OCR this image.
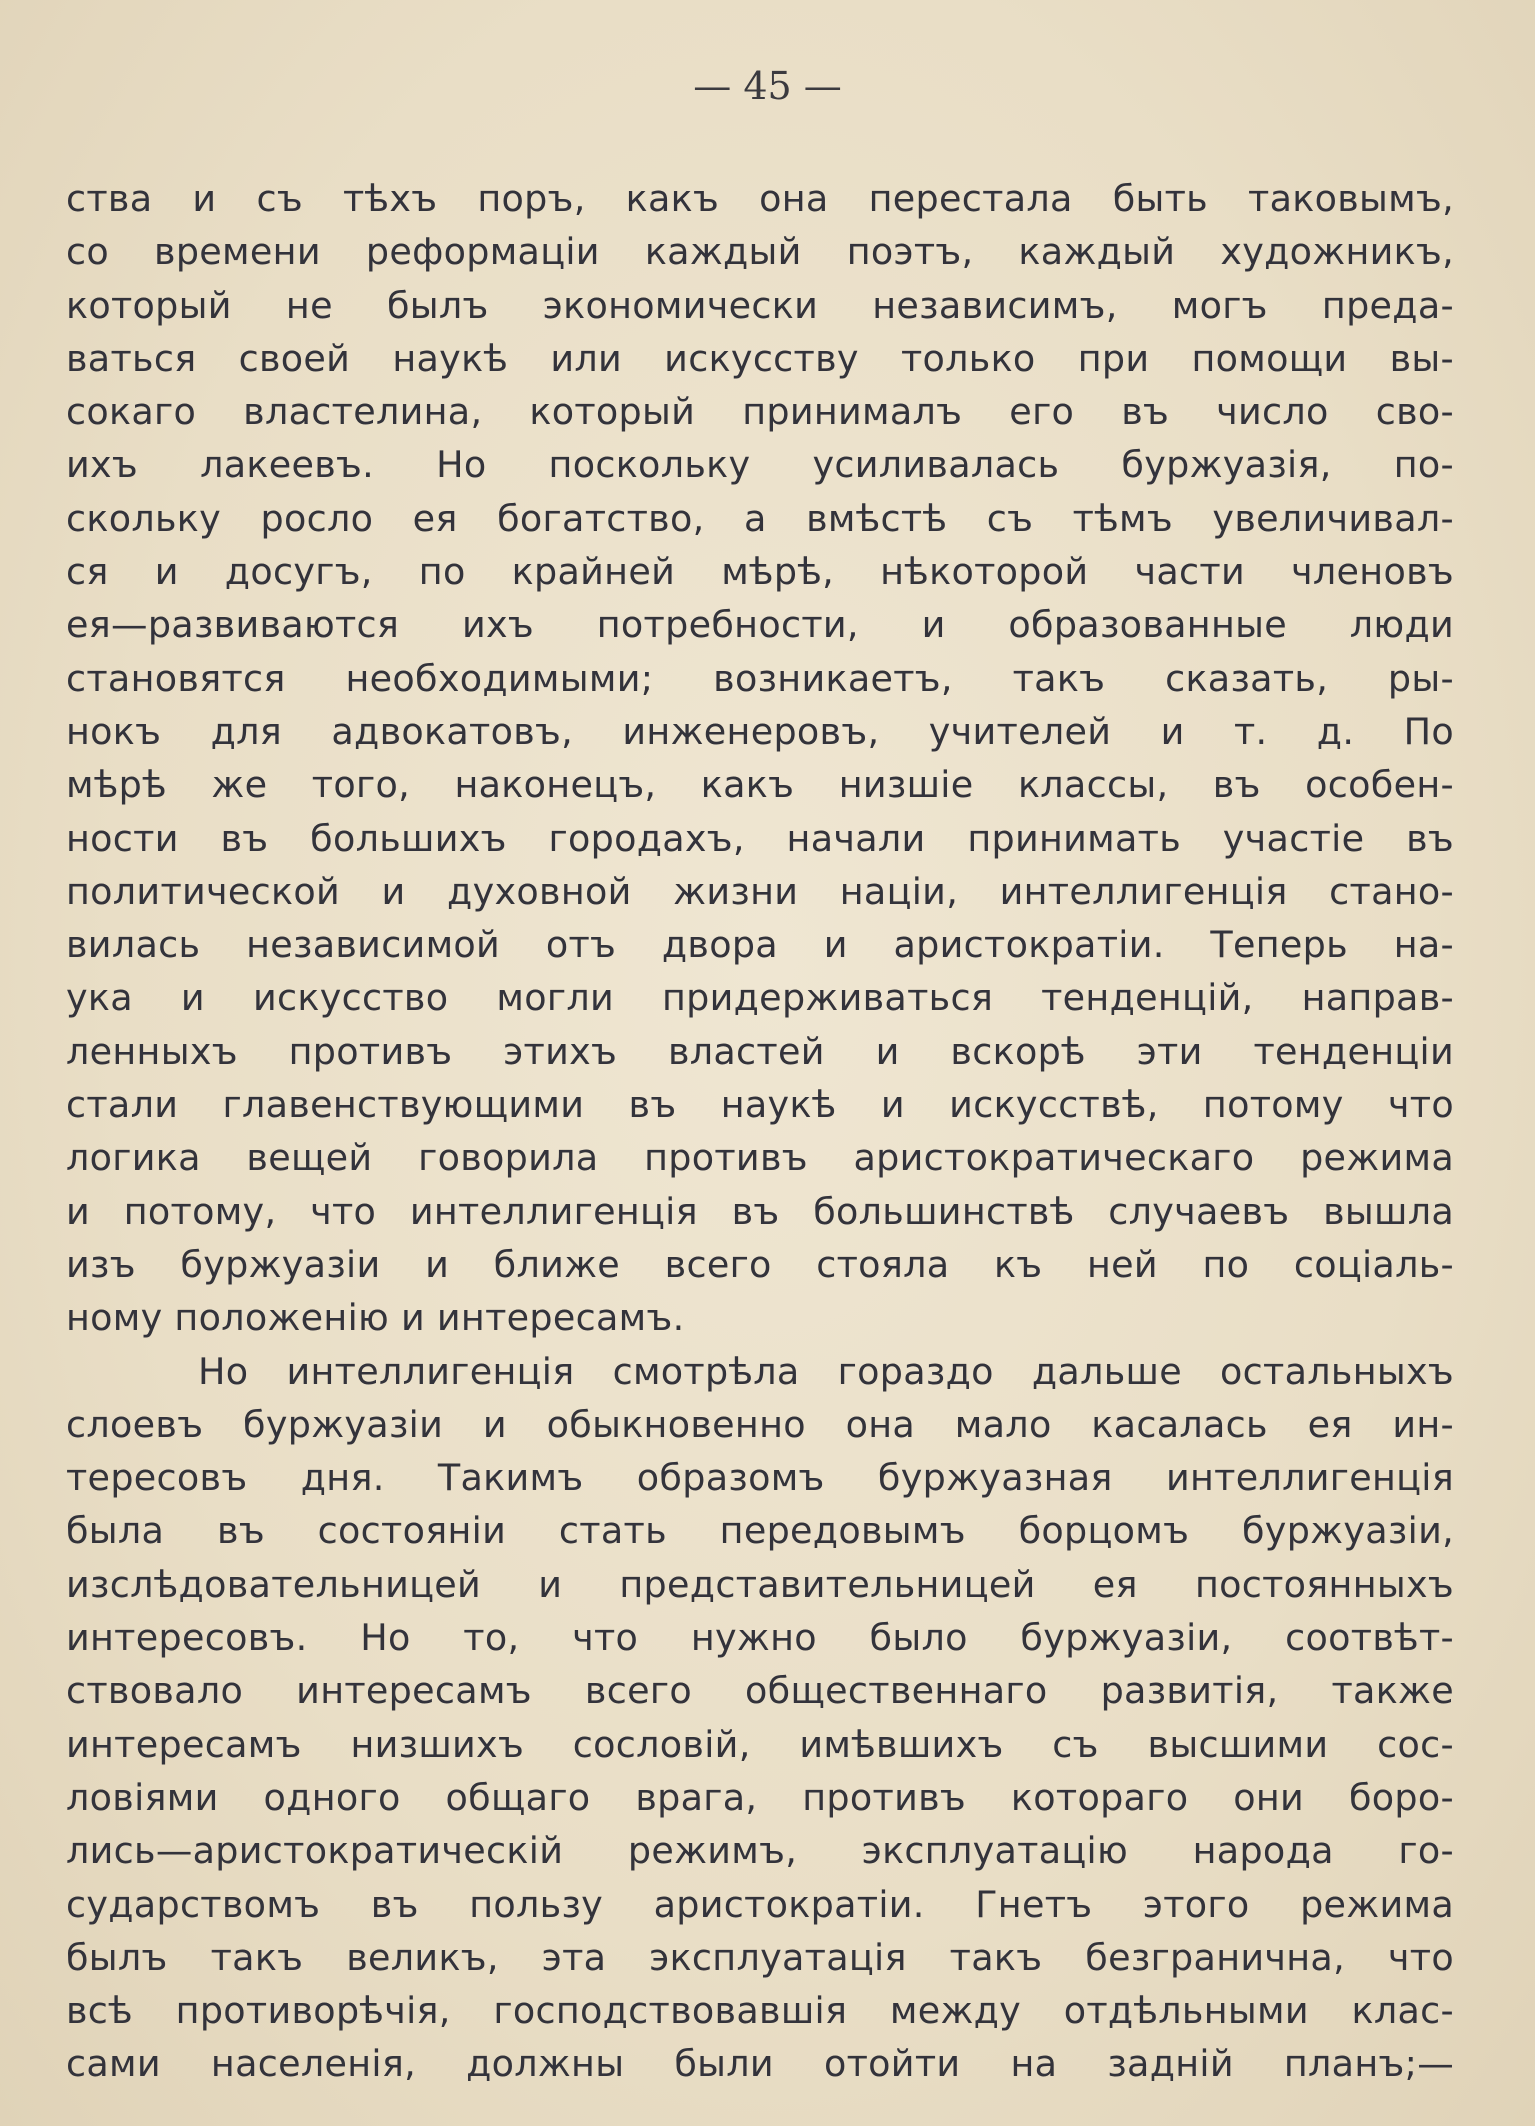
— 45 —

ства и съ тѣхъ поръ, какъ она перестала быть таковымъ,
со времени реформаціи каждый поэтъ, каждый художникъ,
который не былъ экономически независимъ, могъ преда-
ваться своей наукѣ или искусству только при помощи вы-
сокаго властелина, который принималъ его въ число сво-
ихъ лакеевъ. Но поскольку усиливалась буржуазія, по-
скольку росло ея богатство, а вмѣстѣ съ тѣмъ увеличивал-
ся и досугъ, по крайней мѣрѣ, нѣкоторой части членовъ
ея—развиваются ихъ потребности, и образованные люди
становятся необходимыми; возникаетъ, такъ сказать, ры-
нокъ для адвокатовъ, инженеровъ, учителей и т. д. По
мѣрѣ же того, наконецъ, какъ низшіе классы, въ особен-
ности въ большихъ городахъ, начали принимать участіе въ
политической и духовной жизни націи, интеллигенція стано-
вилась независимой отъ двора и аристократіи. Теперь на-
ука и искусство могли придерживаться тенденцій, направ-
ленныхъ противъ этихъ властей и вскорѣ эти тенденціи
стали главенствующими въ наукѣ и искусствѣ, потому что
логика вещей говорила противъ аристократическаго режима
и потому, что интеллигенція въ большинствѣ случаевъ вышла
изъ буржуазіи и ближе всего стояла къ ней по соціаль-
ному положенію и интересамъ.
Но интеллигенція смотрѣла гораздо дальше остальныхъ
слоевъ буржуазіи и обыкновенно она мало касалась ея ин-
тересовъ дня. Такимъ образомъ буржуазная интеллигенція
была въ состояніи стать передовымъ борцомъ буржуазіи,
изслѣдовательницей и представительницей ея постоянныхъ
интересовъ. Но то, что нужно было буржуазіи, соотвѣт-
ствовало интересамъ всего общественнаго развитія, также
интересамъ низшихъ сословій, имѣвшихъ съ высшими сос-
ловіями одного общаго врага, противъ котораго они боро-
лись—аристократическій режимъ, эксплуатацію народа го-
сударствомъ въ пользу аристократіи. Гнетъ этого режима
былъ такъ великъ, эта эксплуатація такъ безгранична, что
всѣ противорѣчія, господствовавшія между отдѣльными клас-
сами населенія, должны были отойти на задній планъ;—
